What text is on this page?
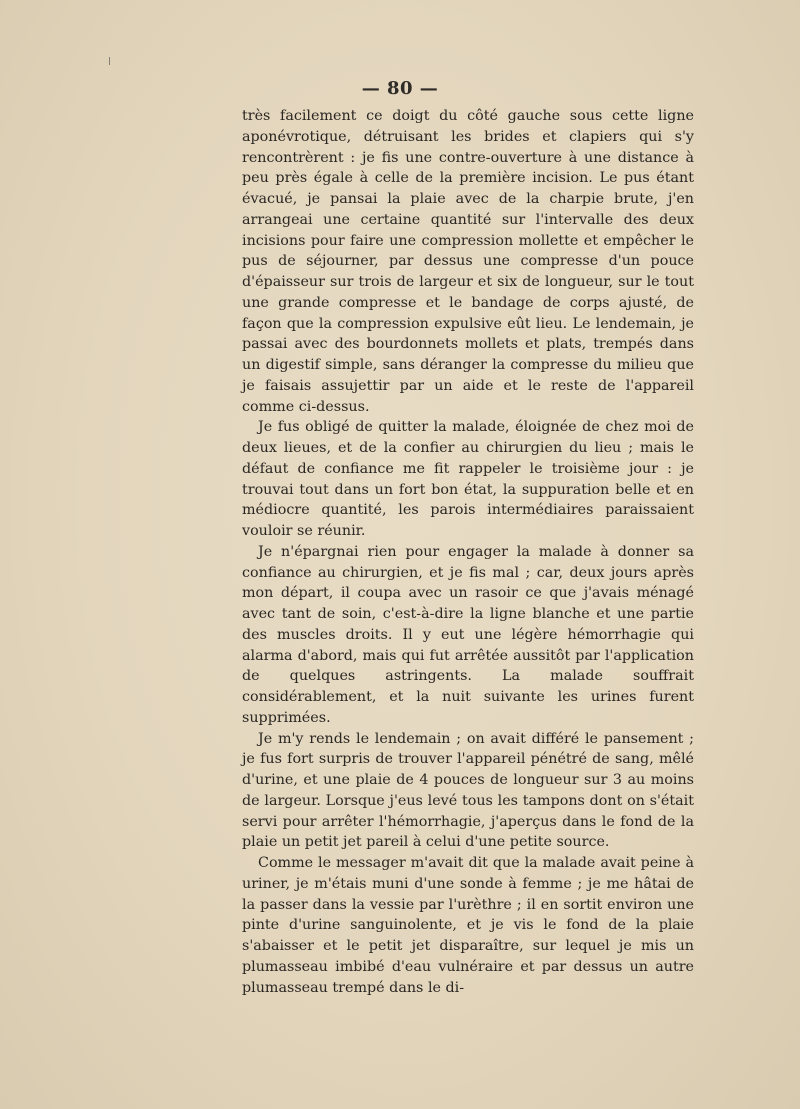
|
— 80 —

très facilement ce doigt du côté gauche sous cette ligne aponévrotique, détruisant les brides et clapiers qui s'y rencontrèrent : je fis une contre-ouverture à une distance à peu près égale à celle de la première incision. Le pus étant évacué, je pansai la plaie avec de la charpie brute, j'en arrangeai une certaine quantité sur l'intervalle des deux incisions pour faire une compression mollette et empêcher le pus de séjourner, par dessus une compresse d'un pouce d'épaisseur sur trois de largeur et six de longueur, sur le tout une grande compresse et le bandage de corps ajusté, de façon que la compression expulsive eût lieu. Le lendemain, je passai avec des bourdonnets mollets et plats, trempés dans un digestif simple, sans déranger la compresse du milieu que je faisais assujettir par un aide et le reste de l'appareil comme ci-dessus.

Je fus obligé de quitter la malade, éloignée de chez moi de deux lieues, et de la confier au chirurgien du lieu ; mais le défaut de confiance me fit rappeler le troisième jour : je trouvai tout dans un fort bon état, la suppuration belle et en médiocre quantité, les parois intermédiaires paraissaient vouloir se réunir.

Je n'épargnai rien pour engager la malade à donner sa confiance au chirurgien, et je fis mal ; car, deux jours après mon départ, il coupa avec un rasoir ce que j'avais ménagé avec tant de soin, c'est-à-dire la ligne blanche et une partie des muscles droits. Il y eut une légère hémorrhagie qui alarma d'abord, mais qui fut arrêtée aussitôt par l'application de quelques astringents. La malade souffrait considérablement, et la nuit suivante les urines furent supprimées.

Je m'y rends le lendemain ; on avait différé le pansement ; je fus fort surpris de trouver l'appareil pénétré de sang, mêlé d'urine, et une plaie de 4 pouces de longueur sur 3 au moins de largeur. Lorsque j'eus levé tous les tampons dont on s'était servi pour arrêter l'hémorrhagie, j'aperçus dans le fond de la plaie un petit jet pareil à celui d'une petite source.

Comme le messager m'avait dit que la malade avait peine à uriner, je m'étais muni d'une sonde à femme ; je me hâtai de la passer dans la vessie par l'urèthre ; il en sortit environ une pinte d'urine sanguinolente, et je vis le fond de la plaie s'abaisser et le petit jet disparaître, sur lequel je mis un plumasseau imbibé d'eau vulnéraire et par dessus un autre plumasseau trempé dans le di-
